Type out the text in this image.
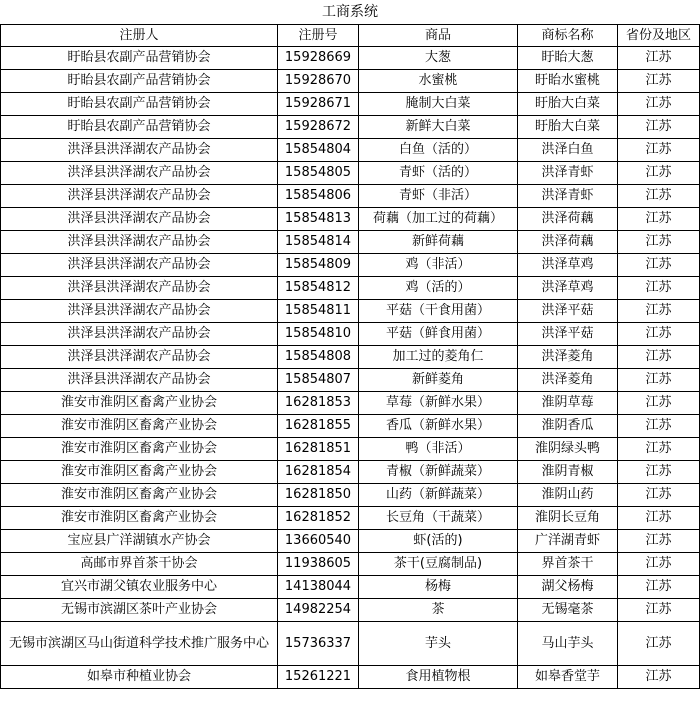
工商系统
注册人	注册号	商品	商标名称	省份及地区
盱眙县农副产品营销协会	15928669	大葱	盱眙大葱	江苏
盱眙县农副产品营销协会	15928670	水蜜桃	盱眙水蜜桃	江苏
盱眙县农副产品营销协会	15928671	腌制大白菜	盱胎大白菜	江苏
盱眙县农副产品营销协会	15928672	新鲜大白菜	盱胎大白菜	江苏
洪泽县洪泽湖农产品协会	15854804	白鱼（活的）	洪泽白鱼	江苏
洪泽县洪泽湖农产品协会	15854805	青虾（活的）	洪泽青虾	江苏
洪泽县洪泽湖农产品协会	15854806	青虾（非活）	洪泽青虾	江苏
洪泽县洪泽湖农产品协会	15854813	荷藕（加工过的荷藕）	洪泽荷藕	江苏
洪泽县洪泽湖农产品协会	15854814	新鲜荷藕	洪泽荷藕	江苏
洪泽县洪泽湖农产品协会	15854809	鸡（非活）	洪泽草鸡	江苏
洪泽县洪泽湖农产品协会	15854812	鸡（活的）	洪泽草鸡	江苏
洪泽县洪泽湖农产品协会	15854811	平菇（干食用菌）	洪泽平菇	江苏
洪泽县洪泽湖农产品协会	15854810	平菇（鲜食用菌）	洪泽平菇	江苏
洪泽县洪泽湖农产品协会	15854808	加工过的菱角仁	洪泽菱角	江苏
洪泽县洪泽湖农产品协会	15854807	新鲜菱角	洪泽菱角	江苏
淮安市淮阴区畜禽产业协会	16281853	草莓（新鲜水果）	淮阴草莓	江苏
淮安市淮阴区畜禽产业协会	16281855	香瓜（新鲜水果）	淮阴香瓜	江苏
淮安市淮阴区畜禽产业协会	16281851	鸭（非活）	淮阴绿头鸭	江苏
淮安市淮阴区畜禽产业协会	16281854	青椒（新鲜蔬菜）	淮阴青椒	江苏
淮安市淮阴区畜禽产业协会	16281850	山药（新鲜蔬菜）	淮阴山药	江苏
淮安市淮阴区畜禽产业协会	16281852	长豆角（干蔬菜）	淮阴长豆角	江苏
宝应县广洋湖镇水产协会	13660540	虾(活的)	广洋湖青虾	江苏
高邮市界首茶干协会	11938605	茶干(豆腐制品)	界首茶干	江苏
宜兴市湖父镇农业服务中心	14138044	杨梅	湖父杨梅	江苏
无锡市滨湖区茶叶产业协会	14982254	茶	无锡毫茶	江苏
无锡市滨湖区马山街道科学技术推广服务中心	15736337	芋头	马山芋头	江苏
如皋市种植业协会	15261221	食用植物根	如皋香堂芋	江苏
